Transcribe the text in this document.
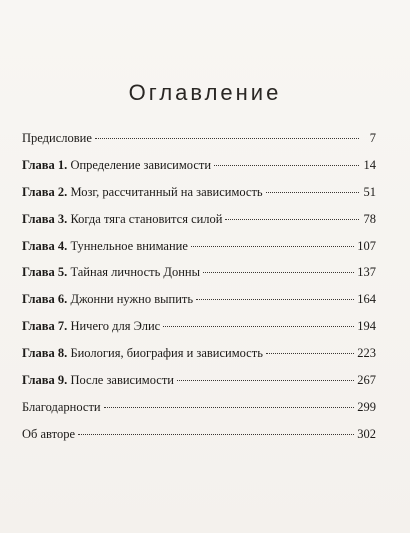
Оглавление
Предисловие	7
Глава 1. Определение зависимости	14
Глава 2. Мозг, рассчитанный на зависимость	51
Глава 3. Когда тяга становится силой	78
Глава 4. Туннельное внимание	107
Глава 5. Тайная личность Донны	137
Глава 6. Джонни нужно выпить	164
Глава 7. Ничего для Элис	194
Глава 8. Биология, биография и зависимость	223
Глава 9. После зависимости	267
Благодарности	299
Об авторе	302
